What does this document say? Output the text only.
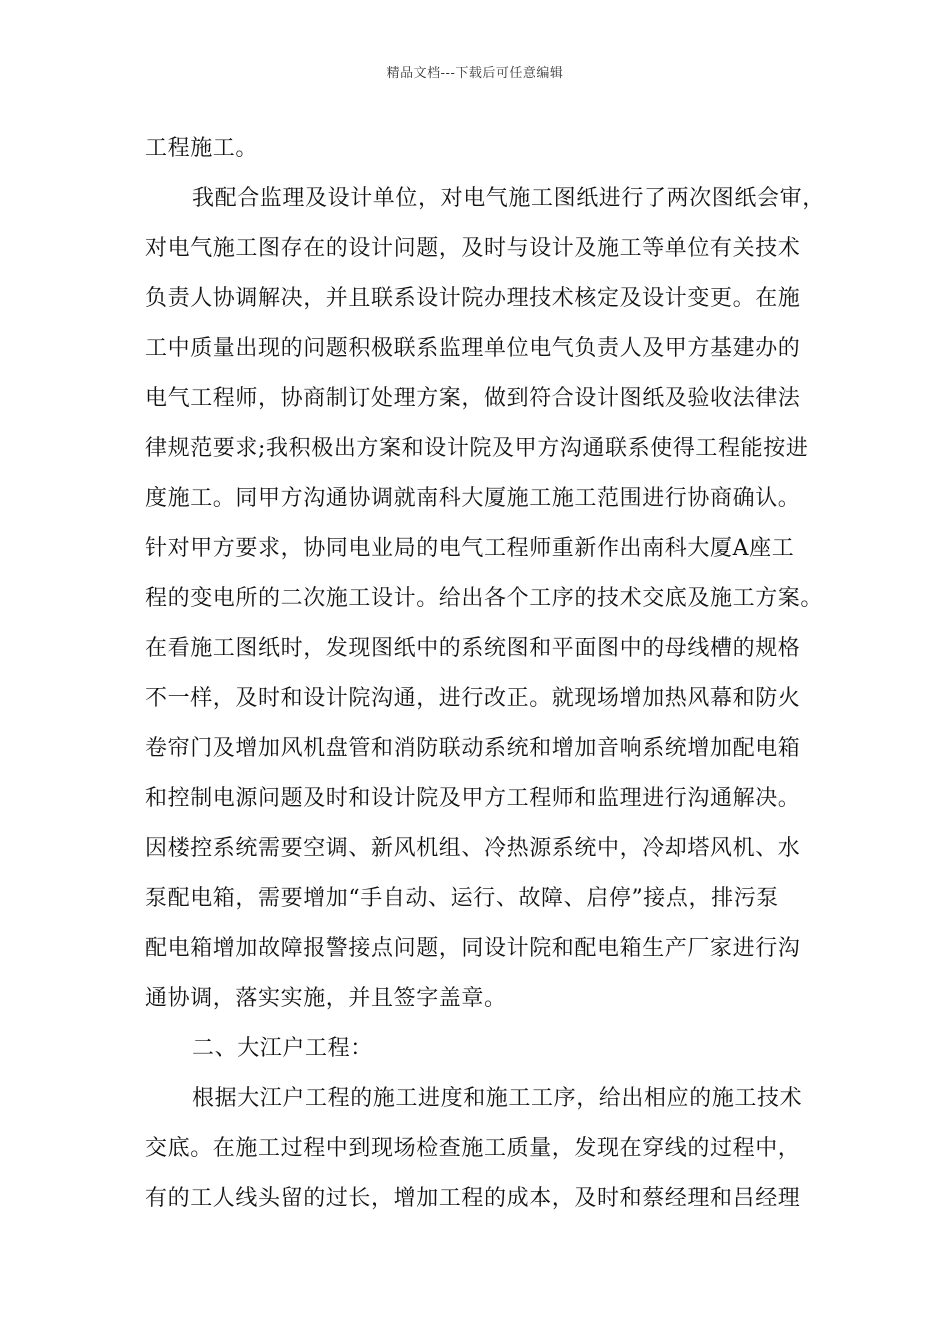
精品文档---下载后可任意编辑
工程施工。
我配合监理及设计单位，对电气施工图纸进行了两次图纸会审，
对电气施工图存在的设计问题，及时与设计及施工等单位有关技术
负责人协调解决，并且联系设计院办理技术核定及设计变更。在施
工中质量出现的问题积极联系监理单位电气负责人及甲方基建办的
电气工程师，协商制订处理方案，做到符合设计图纸及验收法律法
律规范要求;我积极出方案和设计院及甲方沟通联系使得工程能按进
度施工。同甲方沟通协调就南科大厦施工施工范围进行协商确认。
针对甲方要求，协同电业局的电气工程师重新作出南科大厦A座工
程的变电所的二次施工设计。给出各个工序的技术交底及施工方案。
在看施工图纸时，发现图纸中的系统图和平面图中的母线槽的规格
不一样，及时和设计院沟通，进行改正。就现场增加热风幕和防火
卷帘门及增加风机盘管和消防联动系统和增加音响系统增加配电箱
和控制电源问题及时和设计院及甲方工程师和监理进行沟通解决。
因楼控系统需要空调、新风机组、冷热源系统中，冷却塔风机、水
泵配电箱，需要增加“手自动、运行、故障、启停”接点，排污泵
配电箱增加故障报警接点问题，同设计院和配电箱生产厂家进行沟
通协调，落实实施，并且签字盖章。
二、大江户工程：
根据大江户工程的施工进度和施工工序，给出相应的施工技术
交底。在施工过程中到现场检查施工质量，发现在穿线的过程中，
有的工人线头留的过长，增加工程的成本，及时和蔡经理和吕经理
